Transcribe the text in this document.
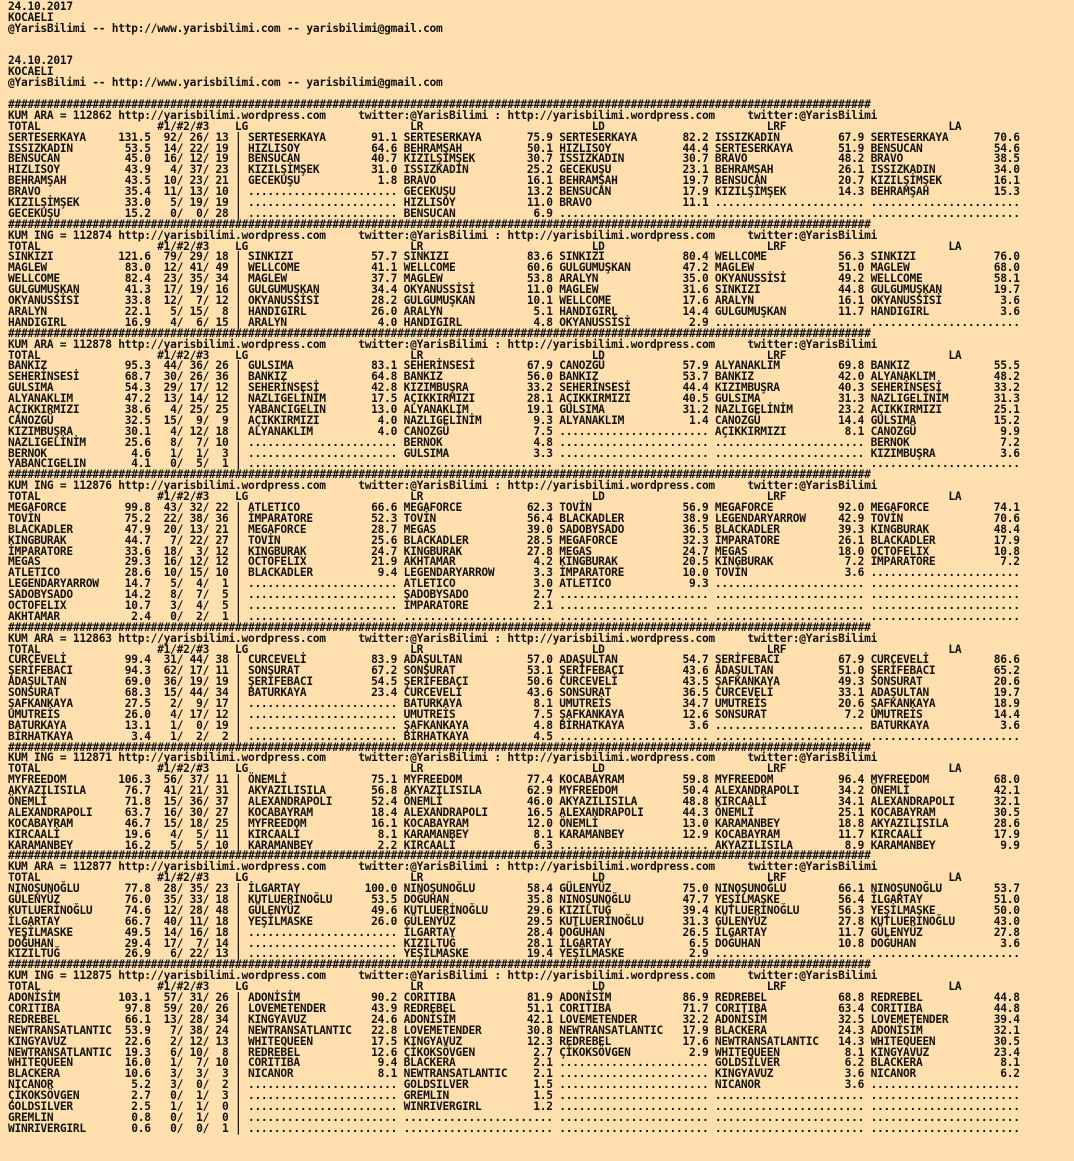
24.10.2017
KOCAELI
@YarisBilimi -- http://www.yarisbilimi.com -- yarisbilimi@gmail.com

24.10.2017
KOCAELI
@YarisBilimi -- http://www.yarisbilimi.com -- yarisbilimi@gmail.com

#####################################################################################################################################
KUM ARA = 112862 http://yarisbilimi.wordpress.com     twitter:@YarisBilimi : http://yarisbilimi.wordpress.com     twitter:@YarisBilimi
TOTAL                  #1/#2/#3    LG                         LR                          LD                         LRF                         LA
SERTESERKAYA     131.5  92/ 26/ 13 | SERTESERKAYA       91.1 SERTESERKAYA       75.9 SERTESERKAYA       82.2 ISSIZKADIN         67.9 SERTESERKAYA       70.6
ISSIZKADIN        53.5  14/ 22/ 19 | HIZLISOY           64.6 BEHRAMŞAH          50.1 HIZLISOY           44.4 SERTESERKAYA       51.9 BENSUCAN           54.6
BENSUCAN          45.0  16/ 12/ 19 | BENSUCAN           40.7 KIZILŞİMŞEK        30.7 ISSIZKADIN         30.7 BRAVO              48.2 BRAVO              38.5
HIZLISOY          43.9   4/ 37/ 23 | KIZILŞİMŞEK        31.0 ISSIZKADIN         25.2 GECEKUŞU           23.1 BEHRAMŞAH          26.1 ISSIZKADIN         34.0
BEHRAMŞAH         43.5  10/ 23/ 21 | GECEKUŞU            1.8 BRAVO              16.1 BEHRAMŞAH          19.7 BENSUCAN           20.7 KIZILŞİMŞEK        16.1
BRAVO             35.4  11/ 13/ 10 | ....................... GECEKUŞU           13.2 BENSUCAN           17.9 KIZILŞİMŞEK        14.3 BEHRAMŞAH          15.3
KIZILŞİMŞEK       33.0   5/ 19/ 19 | ....................... HIZLISOY           11.0 BRAVO              11.1 ....................... .......................
GECEKUŞU          15.2   0/  0/ 28 | ....................... BENSUCAN            6.9 ....................... ....................... .......................
#####################################################################################################################################
KUM ING = 112874 http://yarisbilimi.wordpress.com     twitter:@YarisBilimi : http://yarisbilimi.wordpress.com     twitter:@YarisBilimi
TOTAL                  #1/#2/#3    LG                         LR                          LD                         LRF                         LA
SINKIZI          121.6  79/ 29/ 18 | SINKIZI            57.7 SINKIZI            83.6 SINKIZI            80.4 WELLCOME           56.3 SINKIZI            76.0
MAGLEW            83.0  12/ 41/ 49 | WELLCOME           41.1 WELLCOME           60.6 GULGUMUŞKAN        47.2 MAGLEW             51.0 MAGLEW             68.0
WELLCOME          82.4  23/ 35/ 34 | MAGLEW             37.7 MAGLEW             53.8 ARALYN             35.0 OKYANUSSİSİ        49.2 WELLCOME           58.1
GULGUMUŞKAN       41.3  17/ 19/ 16 | GULGUMUŞKAN        34.4 OKYANUSSİSİ        11.0 MAGLEW             31.6 SINKIZI            44.8 GULGUMUŞKAN        19.7
OKYANUSSİSİ       33.8  12/  7/ 12 | OKYANUSSİSİ        28.2 GULGUMUŞKAN        10.1 WELLCOME           17.6 ARALYN             16.1 OKYANUSSİSİ         3.6
ARALYN            22.1   5/ 15/  8 | HANDIGIRL          26.0 ARALYN              5.1 HANDIGIRL          14.4 GULGUMUŞKAN        11.7 HANDIGIRL           3.6
HANDIGIRL         16.9   4/  6/ 15 | ARALYN              4.0 HANDIGIRL           4.8 OKYANUSSİSİ         2.9 ....................... .......................
#####################################################################################################################################
KUM ARA = 112878 http://yarisbilimi.wordpress.com     twitter:@YarisBilimi : http://yarisbilimi.wordpress.com     twitter:@YarisBilimi
TOTAL                  #1/#2/#3    LG                         LR                          LD                         LRF                         LA
BANKIZ            95.3  44/ 36/ 26 | GULSIMA            83.1 SEHERİNSESİ        67.9 CANOZGÜ            57.9 ALYANAKLIM         69.8 BANKIZ             55.5
SEHERİNSESİ       68.7  30/ 26/ 36 | BANKIZ             64.8 BANKIZ             56.0 BANKIZ             53.7 BANKIZ             42.0 ALYANAKLIM         48.2
GULSIMA           54.3  29/ 17/ 12 | SEHERİNSESİ        42.8 KIZIMBUŞRA         33.2 SEHERİNSESİ        44.4 KIZIMBUŞRA         40.3 SEHERİNSESİ        33.2
ALYANAKLIM        47.2  13/ 14/ 12 | NAZLIGELİNİM       17.5 AÇIKKIRMIZI        28.1 AÇIKKIRMIZI        40.5 GULSIMA            31.3 NAZLIGELİNİM       31.3
AÇIKKIRMIZI       38.6   4/ 25/ 25 | YABANCIGELIN       13.0 ALYANAKLIM         19.1 GULSIMA            31.2 NAZLIGELİNİM       23.2 AÇIKKIRMIZI        25.1
CANOZGÜ           32.5  15/  9/  9 | AÇIKKIRMIZI         4.0 NAZLIGELİNİM        9.3 ALYANAKLIM          1.4 CANOZGÜ            14.4 GULSIMA            15.2
KIZIMBUŞRA        30.1   4/ 12/ 18 | ALYANAKLIM          4.0 CANOZGÜ             7.5 ....................... AÇIKKIRMIZI         8.1 CANOZGÜ             9.9
NAZLIGELİNİM      25.6   8/  7/ 10 | ....................... BERNOK              4.8 ....................... ....................... BERNOK              7.2
BERNOK             4.6   1/  1/  3 | ....................... GULSIMA             3.3 ....................... ....................... KIZIMBUŞRA          3.6
YABANCIGELIN       4.1   0/  5/  1 | ....................... ....................... ....................... ....................... .......................
#####################################################################################################################################
KUM ING = 112876 http://yarisbilimi.wordpress.com     twitter:@YarisBilimi : http://yarisbilimi.wordpress.com     twitter:@YarisBilimi
TOTAL                  #1/#2/#3    LG                         LR                          LD                         LRF                         LA
MEGAFORCE         99.8  43/ 32/ 22 | ATLETICO           66.6 MEGAFORCE          62.3 TOVİN              56.9 MEGAFORCE          92.0 MEGAFORCE          74.1
TOVİN             75.2  22/ 38/ 36 | İMPARATORE         52.3 TOVİN              56.4 BLACKADLER         38.9 LEGENDARYARROW     42.9 TOVİN              70.6
BLACKADLER        47.9  20/ 13/ 21 | MEGAFORCE          28.7 MEGAS              39.0 SADOBYSADO         36.5 BLACKADLER         39.3 KINGBURAK          48.4
KINGBURAK         44.7   7/ 22/ 27 | TOVİN              25.6 BLACKADLER         28.5 MEGAFORCE          32.3 İMPARATORE         26.1 BLACKADLER         17.9
İMPARATORE        33.6  18/  3/ 12 | KINGBURAK          24.7 KINGBURAK          27.8 MEGAS              24.7 MEGAS              18.0 OCTOFELIX          10.8
MEGAS             29.3  16/ 12/ 12 | OCTOFELIX          21.9 AKHTAMAR            4.2 KINGBURAK          20.5 KINGBURAK           7.2 İMPARATORE          7.2
ATLETICO          28.6  10/ 15/ 10 | BLACKADLER          9.4 LEGENDARYARROW      3.3 İMPARATORE         10.0 TOVİN               3.6 .......................
LEGENDARYARROW    14.7   5/  4/  1 | ....................... ATLETICO            3.0 ATLETICO            9.3 ....................... .......................
SADOBYSADO        14.2   8/  7/  5 | ....................... SADOBYSADO          2.7 ....................... ....................... .......................
OCTOFELIX         10.7   3/  4/  5 | ....................... İMPARATORE          2.1 ....................... ....................... .......................
AKHTAMAR           2.4   0/  2/  1 | ....................... ....................... ....................... ....................... .......................
#####################################################################################################################################
KUM ARA = 112863 http://yarisbilimi.wordpress.com     twitter:@YarisBilimi : http://yarisbilimi.wordpress.com     twitter:@YarisBilimi
TOTAL                  #1/#2/#3    LG                         LR                          LD                         LRF                         LA
CURCEVELİ         99.4  31/ 44/ 38 | CURCEVELİ          83.9 ADAŞULTAN          57.0 ADAŞULTAN          54.7 ŞERİFEBACI         67.9 CURCEVELİ          86.6
ŞERİFEBACI        94.3  62/ 17/ 11 | SONSURAT           67.2 SONSURAT           53.1 ŞERİFEBACI         43.6 ADAŞULTAN          51.0 ŞERİFEBACI         65.2
ADAŞULTAN         69.0  36/ 19/ 19 | ŞERİFEBACI         54.5 ŞERİFEBACI         50.6 CURCEVELİ          43.5 ŞAFKANKAYA         49.3 SONSURAT           20.6
SONSURAT          68.3  15/ 44/ 34 | BATURKAYA          23.4 CURCEVELİ          43.6 SONSURAT           36.5 CURCEVELİ          33.1 ADAŞULTAN          19.7
ŞAFKANKAYA        27.5   2/  9/ 17 | ....................... BATURKAYA           8.1 UMUTREİS           34.7 UMUTREİS           20.6 ŞAFKANKAYA         18.9
UMUTREİS          26.0   4/ 17/ 12 | ....................... UMUTREİS            7.5 ŞAFKANKAYA         12.6 SONSURAT            7.2 UMUTREİS           14.4
BATURKAYA         13.1   1/  0/ 19 | ....................... ŞAFKANKAYA          4.8 BİRHATKAYA          3.6 ....................... BATURKAYA           3.6
BİRHATKAYA         3.4   1/  2/  2 | ....................... BİRHATKAYA          4.5 ....................... ....................... .......................
#####################################################################################################################################
KUM ING = 112871 http://yarisbilimi.wordpress.com     twitter:@YarisBilimi : http://yarisbilimi.wordpress.com     twitter:@YarisBilimi
TOTAL                  #1/#2/#3    LG                         LR                          LD                         LRF                         LA
MYFREEDOM        106.3  56/ 37/ 11 | ÖNEMLİ             75.1 MYFREEDOM          77.4 KOCABAYRAM         59.8 MYFREEDOM          96.4 MYFREEDOM          68.0
AKYAZILISILA      76.7  41/ 21/ 31 | AKYAZILISILA       56.8 AKYAZILISILA       62.9 MYFREEDOM          50.4 ALEXANDRAPOLI      34.2 ÖNEMLİ             42.1
ÖNEMLİ            71.8  15/ 36/ 37 | ALEXANDRAPOLI      52.4 ÖNEMLİ             46.0 AKYAZILISILA       48.8 KIRCAALİ           34.1 ALEXANDRAPOLI      32.1
ALEXANDRAPOLI     63.7  16/ 30/ 27 | KOCABAYRAM         18.4 ALEXANDRAPOLI      16.5 ALEXANDRAPOLI      44.3 ÖNEMLİ             25.1 KOCABAYRAM         30.5
KOCABAYRAM        46.7  15/ 18/ 25 | MYFREEDOM          16.1 KOCABAYRAM         12.0 ÖNEMLİ             13.0 KARAMANBEY         18.8 AKYAZILISILA       28.6
KIRCAALİ          19.6   4/  5/ 11 | KIRCAALİ            8.1 KARAMANBEY          8.1 KARAMANBEY         12.9 KOCABAYRAM         11.7 KIRCAALİ           17.9
KARAMANBEY        16.2   5/  5/ 10 | KARAMANBEY          2.2 KIRCAALİ            6.3 ....................... AKYAZILISILA        8.9 KARAMANBEY          9.9
#####################################################################################################################################
KUM ARA = 112877 http://yarisbilimi.wordpress.com     twitter:@YarisBilimi : http://yarisbilimi.wordpress.com     twitter:@YarisBilimi
TOTAL                  #1/#2/#3    LG                         LR                          LD                         LRF                         LA
NINOŞUNOĞLU       77.8  28/ 35/ 23 | İLGARTAY          100.0 NINOŞUNOĞLU        58.4 GÜLENYÜZ           75.0 NINOŞUNOĞLU        66.1 NINOŞUNOĞLU        53.7
GÜLENYÜZ          76.0  35/ 33/ 18 | KUTLUERİNOĞLU      53.5 DOĞUHAN            35.8 NINOŞUNOĞLU        47.7 YEŞİLMASKE         56.4 İLGARTAY           51.0
KUTLUERİNOĞLU     74.6  12/ 28/ 48 | GÜLENYÜZ           49.6 KUTLUERİNOĞLU      29.6 KIZILTUĞ           39.4 KUTLUERİNOĞLU      56.3 YEŞİLMASKE         50.0
İLGARTAY          66.7  40/ 11/ 18 | YEŞİLMASKE         26.0 GÜLENYÜZ           29.5 KUTLUERİNOĞLU      31.3 GÜLENYÜZ           27.8 KUTLUERİNOĞLU      43.0
YEŞİLMASKE        49.5  14/ 16/ 18 | ....................... İLGARTAY           28.4 DOĞUHAN            26.5 İLGARTAY           11.7 GÜLENYÜZ           27.8
DOĞUHAN           29.4  17/  7/ 14 | ....................... KIZILTUĞ           28.1 İLGARTAY            6.5 DOĞUHAN            10.8 DOĞUHAN             3.6
KIZILTUĞ          26.9   6/ 22/ 13 | ....................... YEŞİLMASKE         19.4 YEŞİLMASKE          2.9 ....................... .......................
#####################################################################################################################################
KUM ING = 112875 http://yarisbilimi.wordpress.com     twitter:@YarisBilimi : http://yarisbilimi.wordpress.com     twitter:@YarisBilimi
TOTAL                  #1/#2/#3    LG                         LR                          LD                         LRF                         LA
ADONİSİM         103.1  57/ 31/ 26 | ADONİSİM           90.2 CORITIBA           81.9 ADONİSİM           86.9 REDREBEL           68.8 REDREBEL           44.8
CORITIBA          97.8  59/ 20/ 26 | LOVEMETENDER       43.9 REDREBEL           51.1 CORITIBA           71.7 CORITIBA           63.4 CORITIBA           44.8
REDREBEL          66.1  13/ 28/ 34 | KINGYAVUZ          24.6 ADONİSİM           42.1 LOVEMETENDER       32.2 ADONİSİM           32.5 LOVEMETENDER       39.4
NEWTRANSATLANTIC  53.9   7/ 38/ 24 | NEWTRANSATLANTIC   22.8 LOVEMETENDER       30.8 NEWTRANSATLANTIC   17.9 BLACKERA           24.3 ADONİSİM           32.1
KINGYAVUZ         22.6   2/ 12/ 13 | WHITEQUEEN         17.5 KINGYAVUZ          12.3 REDREBEL           17.6 NEWTRANSATLANTIC   14.3 WHITEQUEEN         30.5
NEWTRANSATLANTIC  19.3   6/ 10/  8 | REDREBEL           12.6 ÇİKOKSÖVGEN         2.7 ÇİKOKSÖVGEN         2.9 WHITEQUEEN          8.1 KINGYAVUZ          23.4
WHITEQUEEN        16.0   1/  7/ 10 | CORITIBA            9.4 BLACKERA            2.1 ....................... GOLDSILVER          6.2 BLACKERA            8.1
BLACKERA          10.6   3/  3/  3 | NICANOR             8.1 NEWTRANSATLANTIC    2.1 ....................... KINGYAVUZ           3.6 NICANOR             6.2
NICANOR            5.2   3/  0/  2 | ....................... GOLDSILVER          1.5 ....................... NICANOR             3.6 .......................
ÇİKOKSÖVGEN        2.7   0/  1/  3 | ....................... GREMLIN             1.5 ....................... ....................... .......................
GOLDSILVER         2.5   1/  1/  0 | ....................... WINRIVERGIRL        1.2 ....................... ....................... .......................
GREMLIN            0.8   0/  1/  0 | ....................... ....................... ....................... ....................... .......................
WINRIVERGIRL       0.6   0/  0/  1 | ....................... ....................... ....................... ....................... .......................
